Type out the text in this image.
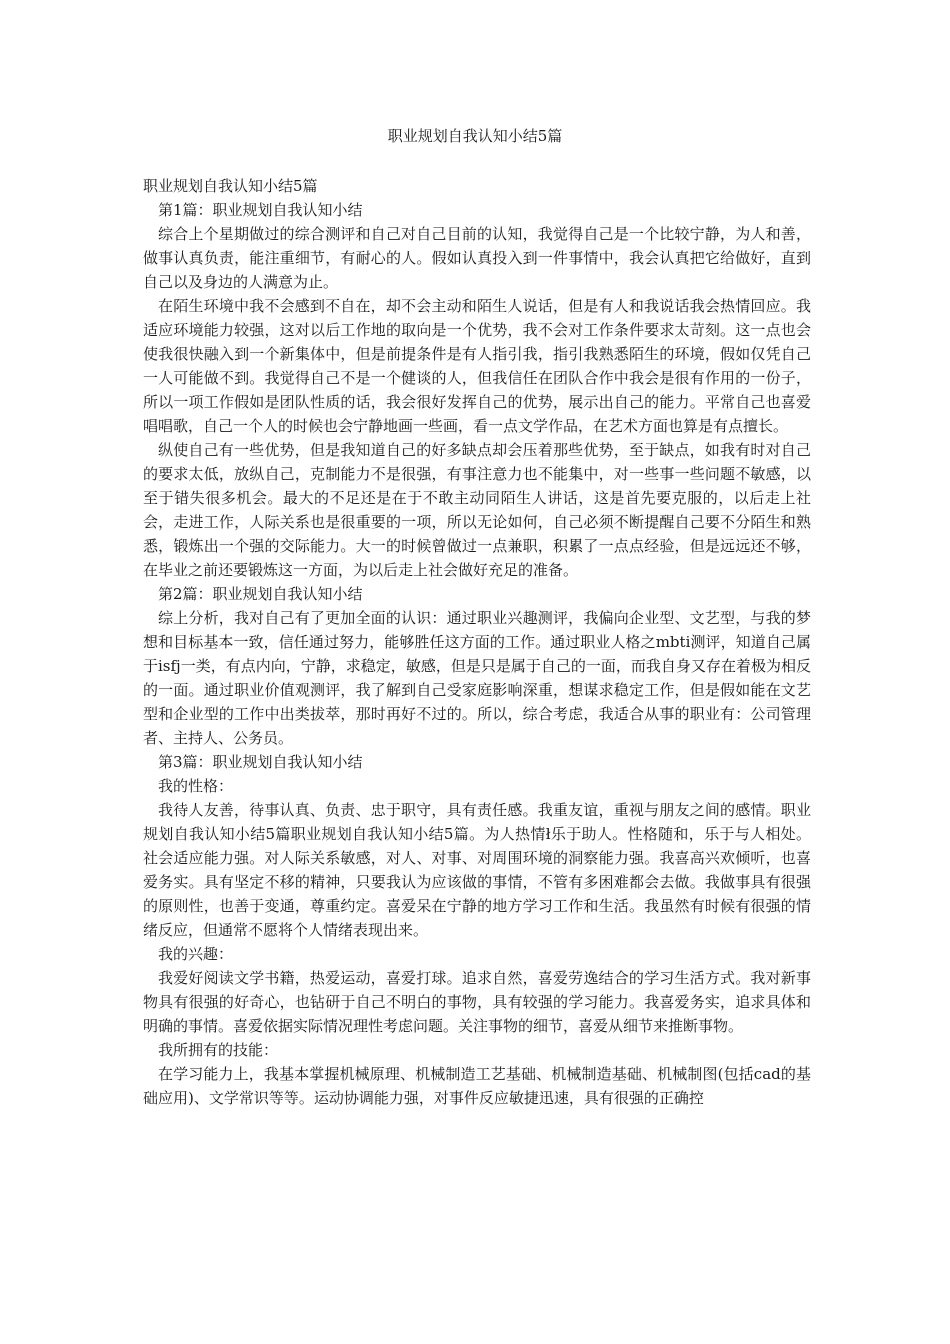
职业规划自我认知小结5篇

职业规划自我认知小结5篇

第1篇：职业规划自我认知小结

综合上个星期做过的综合测评和自己对自己目前的认知，我觉得自己是一个比较宁静，为人和善，做事认真负责，能注重细节，有耐心的人。假如认真投入到一件事情中，我会认真把它给做好，直到自己以及身边的人满意为止。

在陌生环境中我不会感到不自在，却不会主动和陌生人说话，但是有人和我说话我会热情回应。我适应环境能力较强，这对以后工作地的取向是一个优势，我不会对工作条件要求太苛刻。这一点也会使我很快融入到一个新集体中，但是前提条件是有人指引我，指引我熟悉陌生的环境，假如仅凭自己一人可能做不到。我觉得自己不是一个健谈的人，但我信任在团队合作中我会是很有作用的一份子，所以一项工作假如是团队性质的话，我会很好发挥自己的优势，展示出自己的能力。平常自己也喜爱唱唱歌，自己一个人的时候也会宁静地画一些画，看一点文学作品，在艺术方面也算是有点擅长。

纵使自己有一些优势，但是我知道自己的好多缺点却会压着那些优势，至于缺点，如我有时对自己的要求太低，放纵自己，克制能力不是很强，有事注意力也不能集中，对一些事一些问题不敏感，以至于错失很多机会。最大的不足还是在于不敢主动同陌生人讲话，这是首先要克服的，以后走上社会，走进工作，人际关系也是很重要的一项，所以无论如何，自己必须不断提醒自己要不分陌生和熟悉，锻炼出一个强的交际能力。大一的时候曾做过一点兼职，积累了一点点经验，但是远远还不够，在毕业之前还要锻炼这一方面，为以后走上社会做好充足的准备。

第2篇：职业规划自我认知小结

综上分析，我对自己有了更加全面的认识：通过职业兴趣测评，我偏向企业型、文艺型，与我的梦想和目标基本一致，信任通过努力，能够胜任这方面的工作。通过职业人格之mbti测评，知道自己属于isfj一类，有点内向，宁静，求稳定，敏感，但是只是属于自己的一面，而我自身又存在着极为相反的一面。通过职业价值观测评，我了解到自己受家庭影响深重，想谋求稳定工作，但是假如能在文艺型和企业型的工作中出类拔萃，那时再好不过的。所以，综合考虑，我适合从事的职业有：公司管理者、主持人、公务员。

第3篇：职业规划自我认知小结

我的性格：

我待人友善，待事认真、负责、忠于职守，具有责任感。我重友谊，重视与朋友之间的感情。职业规划自我认知小结5篇职业规划自我认知小结5篇。为人热情ł乐于助人。性格随和，乐于与人相处。社会适应能力强。对人际关系敏感，对人、对事、对周围环境的洞察能力强。我喜高兴欢倾听，也喜爱务实。具有坚定不移的精神，只要我认为应该做的事情，不管有多困难都会去做。我做事具有很强的原则性，也善于变通，尊重约定。喜爱呆在宁静的地方学习工作和生活。我虽然有时候有很强的情绪反应，但通常不愿将个人情绪表现出来。

我的兴趣：

我爱好阅读文学书籍，热爱运动，喜爱打球。追求自然，喜爱劳逸结合的学习生活方式。我对新事物具有很强的好奇心，也钻研于自己不明白的事物，具有较强的学习能力。我喜爱务实，追求具体和明确的事情。喜爱依据实际情况理性考虑问题。关注事物的细节，喜爱从细节来推断事物。

我所拥有的技能：

在学习能力上，我基本掌握机械原理、机械制造工艺基础、机械制造基础、机械制图(包括cad的基础应用)、文学常识等等。运动协调能力强，对事件反应敏捷迅速，具有很强的正确控
